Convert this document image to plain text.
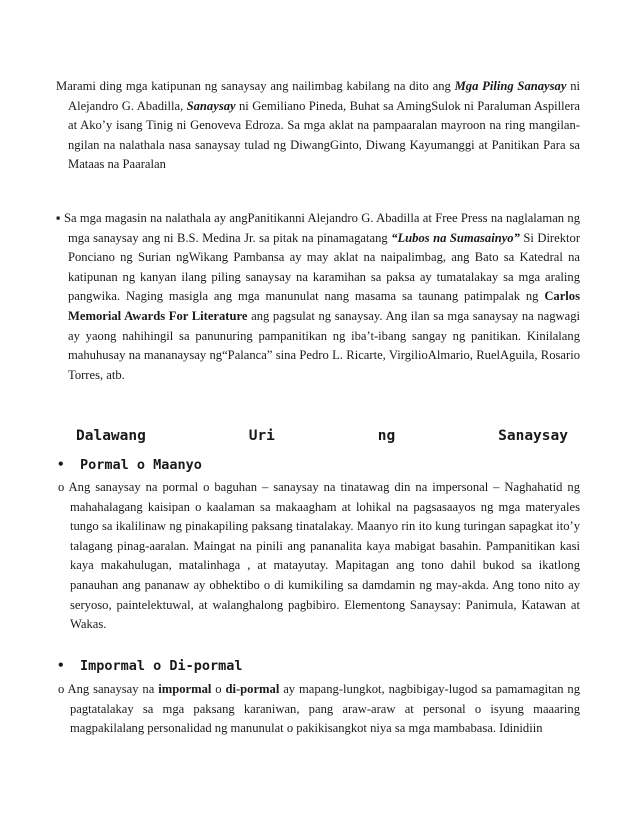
Marami ding mga katipunan ng sanaysay ang nailimbag kabilang na dito ang Mga Piling Sanaysay ni Alejandro G. Abadilla, Sanaysay ni Gemiliano Pineda, Buhat sa AmingSulok ni Paraluman Aspillera at Ako’y isang Tinig ni Genoveva Edroza. Sa mga aklat na pampaaralan mayroon na ring mangilan-ngilan na nalathala nasa sanaysay tulad ng DiwangGinto, Diwang Kayumanggi at Panitikan Para sa Mataas na Paaralan
▪ Sa mga magasin na nalathala ay angPanitikanni Alejandro G. Abadilla at Free Press na naglalaman ng mga sanaysay ang ni B.S. Medina Jr. sa pitak na pinamagatang “Lubos na Sumasainyo” Si Direktor Ponciano ng Surian ngWikang Pambansa ay may aklat na naipalimbag, ang Bato sa Katedral na katipunan ng kanyan ilang piling sanaysay na karamihan sa paksa ay tumatalakay sa mga araling pangwika. Naging masigla ang mga manunulat nang masama sa taunang patimpalak ng Carlos Memorial Awards For Literature ang pagsulat ng sanaysay. Ang ilan sa mga sanaysay na nagwagi ay yaong nahihingil sa panunuring pampanitikan ng iba’t-ibang sangay ng panitikan. Kinilalang mahuhusay na mananaysay ng“Palanca” sina Pedro L. Ricarte, VirgilioAlmario, RuelAguila, Rosario Torres, atb.
Dalawang	Uri	ng	Sanaysay
• Pormal o Maanyo
o Ang sanaysay na pormal o baguhan – sanaysay na tinatawag din na impersonal – Naghahatid ng mahahalagang kaisipan o kaalaman sa makaagham at lohikal na pagsasaayos ng mga materyales tungo sa ikalilinaw ng pinakapiling paksang tinatalakay. Maanyo rin ito kung turingan sapagkat ito’y talagang pinag-aaralan. Maingat na pinili ang pananalita kaya mabigat basahin. Pampanitikan kasi kaya makahulugan, matalinhaga , at matayutay. Mapitagan ang tono dahil bukod sa ikatlong panauhan ang pananaw ay obhektibo o di kumikiling sa damdamin ng may-akda. Ang tono nito ay seryoso, paintelektuwal, at walanghalong pagbibiro. Elementong Sanaysay: Panimula, Katawan at Wakas.
• Impormal o Di-pormal
o Ang sanaysay na impormal o di-pormal ay mapang-lungkot, nagbibigay-lugod sa pamamagitan ng pagtatalakay sa mga paksang karaniwan, pang araw-araw at personal o isyung maaaring magpakilalang personalidad ng manunulat o pakikisangkot niya sa mga mambabasa. Idinidiin
